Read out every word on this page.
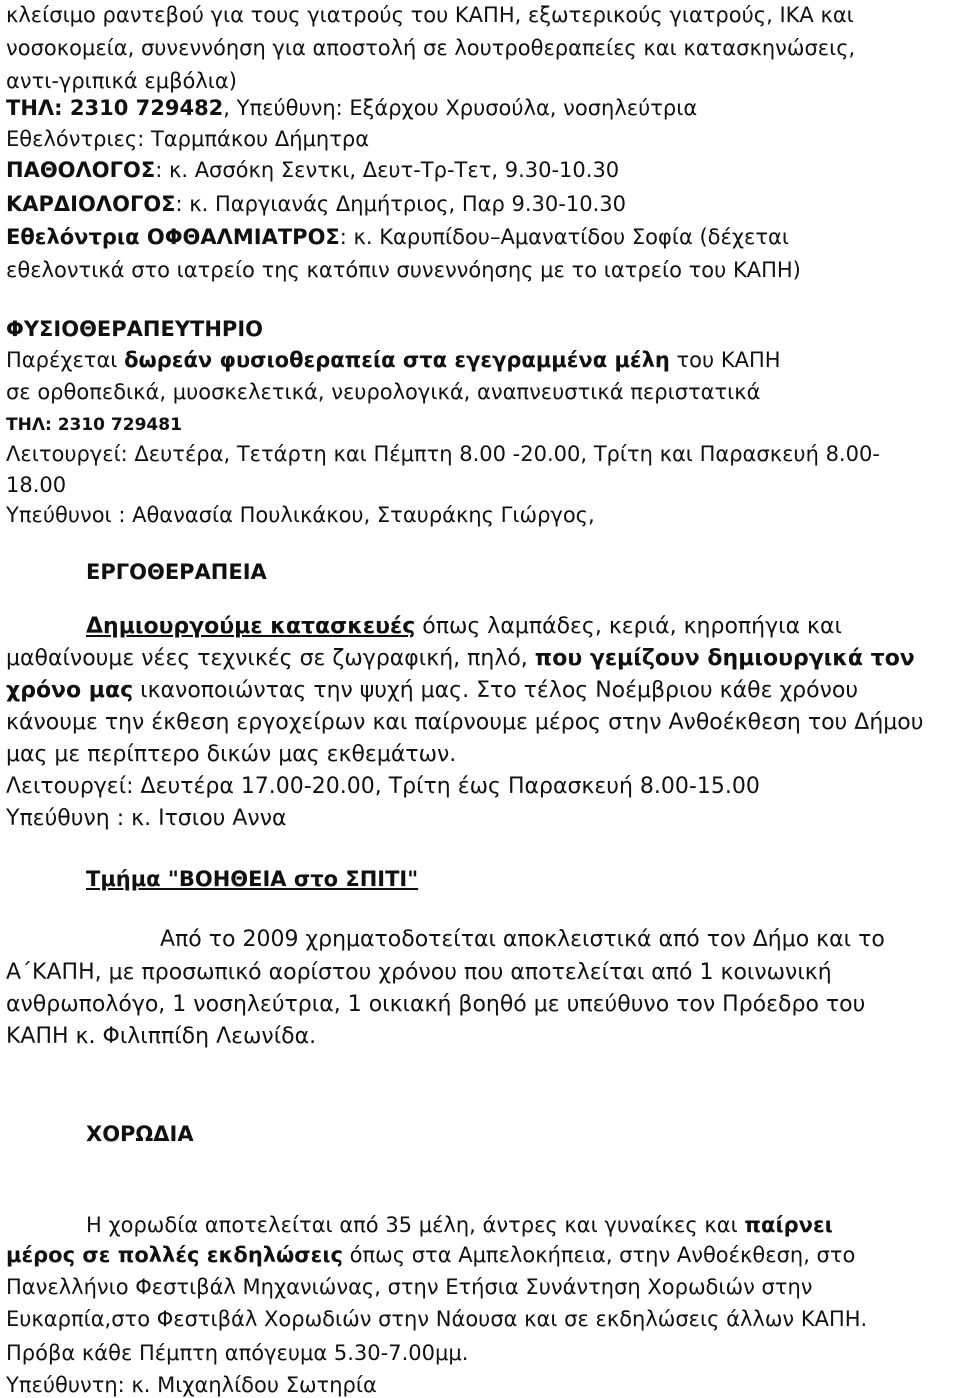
κλείσιμο ραντεβού για τους γιατρούς του ΚΑΠΗ, εξωτερικούς γιατρούς, ΙΚΑ και
νοσοκομεία, συνεννόηση για αποστολή σε λουτροθεραπείες και κατασκηνώσεις,
αντι-γριπικά εμβόλια)
ΤΗΛ: 2310 729482, Υπεύθυνη: Εξάρχου Χρυσούλα, νοσηλεύτρια
Εθελόντριες: Ταρμπάκου Δήμητρα
ΠΑΘΟΛΟΓΟΣ: κ. Ασσόκη Σεντκι, Δευτ-Τρ-Τετ, 9.30-10.30
ΚΑΡΔΙΟΛΟΓΟΣ: κ. Παργιανάς Δημήτριος, Παρ 9.30-10.30
Εθελόντρια ΟΦΘΑΛΜΙΑΤΡΟΣ: κ. Καρυπίδου–Αμανατίδου Σοφία (δέχεται
εθελοντικά στο ιατρείο της κατόπιν συνεννόησης με το ιατρείο του ΚΑΠΗ)
ΦΥΣΙΟΘΕΡΑΠΕΥΤΗΡΙΟ
Παρέχεται δωρεάν φυσιοθεραπεία στα εγεγραμμένα μέλη του ΚΑΠΗ
σε ορθοπεδικά, μυοσκελετικά, νευρολογικά, αναπνευστικά περιστατικά
ΤΗΛ: 2310 729481
Λειτουργεί: Δευτέρα, Τετάρτη και Πέμπτη 8.00 -20.00, Τρίτη και Παρασκευή 8.00-
18.00
Υπεύθυνοι : Αθανασία Πουλικάκου, Σταυράκης Γιώργος,
ΕΡΓΟΘΕΡΑΠΕΙΑ
Δημιουργούμε κατασκευές όπως λαμπάδες, κεριά, κηροπήγια και
μαθαίνουμε νέες τεχνικές σε ζωγραφική, πηλό, που γεμίζουν δημιουργικά τον
χρόνο μας ικανοποιώντας την ψυχή μας. Στο τέλος Νοέμβριου κάθε χρόνου
κάνουμε την έκθεση εργοχείρων και παίρνουμε μέρος στην Ανθοέκθεση του Δήμου
μας με περίπτερο δικών μας εκθεμάτων.
Λειτουργεί: Δευτέρα 17.00-20.00, Τρίτη έως Παρασκευή 8.00-15.00
Υπεύθυνη : κ. Ιτσιου Αννα
Τμήμα "ΒΟΗΘΕΙΑ στο ΣΠΙΤΙ"
Από το 2009 χρηματοδοτείται αποκλειστικά από τον Δήμο και το
Α΄ΚΑΠΗ, με προσωπικό αορίστου χρόνου που αποτελείται από 1 κοινωνική
ανθρωπολόγο, 1 νοσηλεύτρια, 1 οικιακή βοηθό με υπεύθυνο τον Πρόεδρο του
ΚΑΠΗ κ. Φιλιππίδη Λεωνίδα.
ΧΟΡΩΔΙΑ
Η χορωδία αποτελείται από 35 μέλη, άντρες και γυναίκες και παίρνει
μέρος σε πολλές εκδηλώσεις όπως στα Αμπελοκήπεια, στην Ανθοέκθεση, στο
Πανελλήνιο Φεστιβάλ Μηχανιώνας, στην Ετήσια Συνάντηση Χορωδιών στην
Ευκαρπία,στο Φεστιβάλ Χορωδιών στην Νάουσα και σε εκδηλώσεις άλλων ΚΑΠΗ.
Πρόβα κάθε Πέμπτη απόγευμα 5.30-7.00μμ.
Υπεύθυντη: κ. Μιχαηλίδου Σωτηρία
